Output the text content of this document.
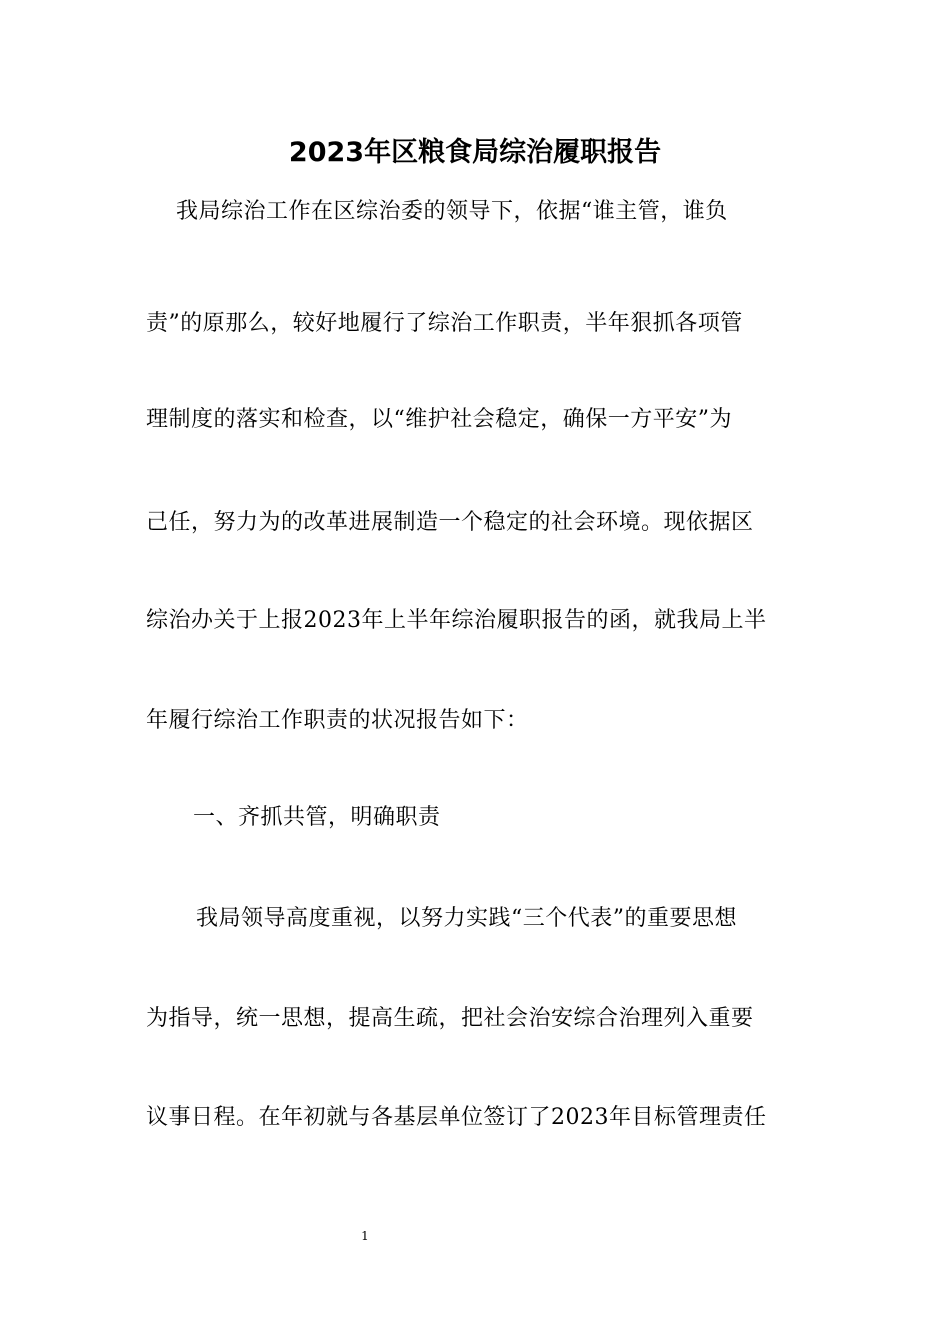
2023年区粮食局综治履职报告
我局综治工作在区综治委的领导下，依据“谁主管，谁负
责”的原那么，较好地履行了综治工作职责，半年狠抓各项管
理制度的落实和检查，以“维护社会稳定，确保一方平安”为
己任，努力为的改革进展制造一个稳定的社会环境。现依据区
综治办关于上报2023年上半年综治履职报告的函，就我局上半
年履行综治工作职责的状况报告如下：
一、齐抓共管，明确职责
我局领导高度重视，以努力实践“三个代表”的重要思想
为指导，统一思想，提高生疏，把社会治安综合治理列入重要
议事日程。在年初就与各基层单位签订了2023年目标管理责任
1
